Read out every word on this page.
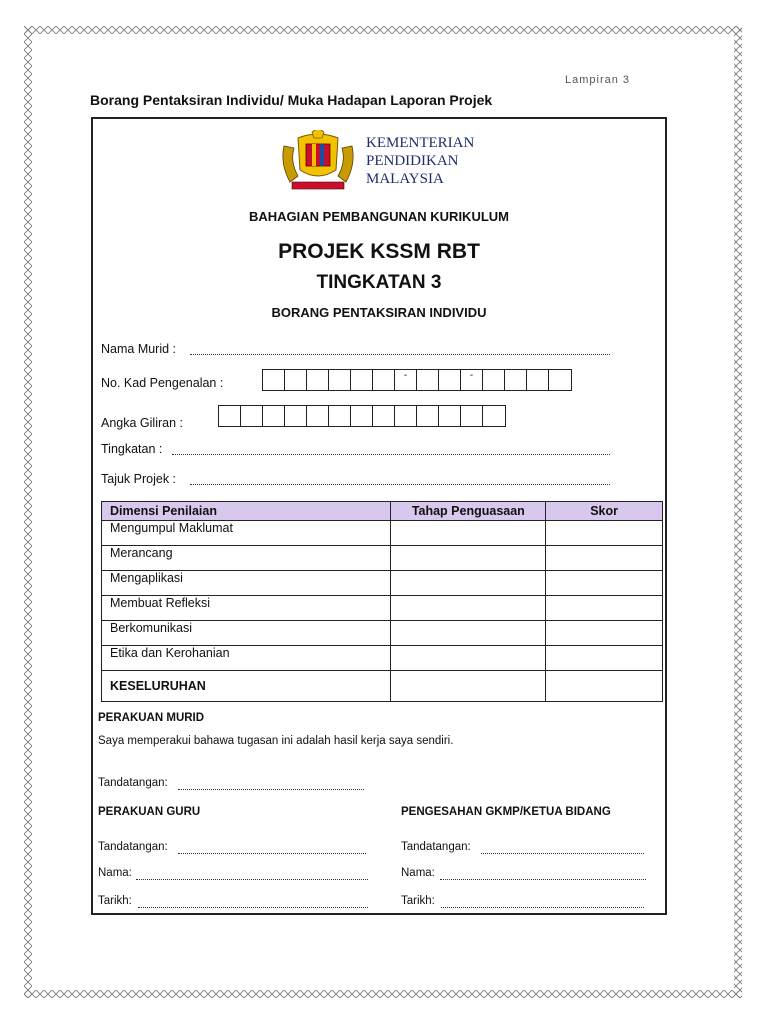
Lampiran 3
Borang Pentaksiran Individu/ Muka Hadapan Laporan Projek
KEMENTERIAN
PENDIDIKAN
MALAYSIA
BAHAGIAN PEMBANGUNAN KURIKULUM
PROJEK KSSM RBT
TINGKATAN 3
BORANG PENTAKSIRAN INDIVIDU
Nama Murid :
No. Kad Pengenalan :
-	-
Angka Giliran :
Tingkatan :
Tajuk Projek :
Dimensi Penilaian	Tahap Penguasaan	Skor
Mengumpul Maklumat		
Merancang		
Mengaplikasi		
Membuat Refleksi		
Berkomunikasi		
Etika dan Kerohanian		
KESELURUHAN		
PERAKUAN MURID
Saya memperakui bahawa tugasan ini adalah hasil kerja saya sendiri.
Tandatangan:
PERAKUAN GURU
Tandatangan:
Nama:
Tarikh:
PENGESAHAN GKMP/KETUA BIDANG
Tandatangan:
Nama:
Tarikh:
